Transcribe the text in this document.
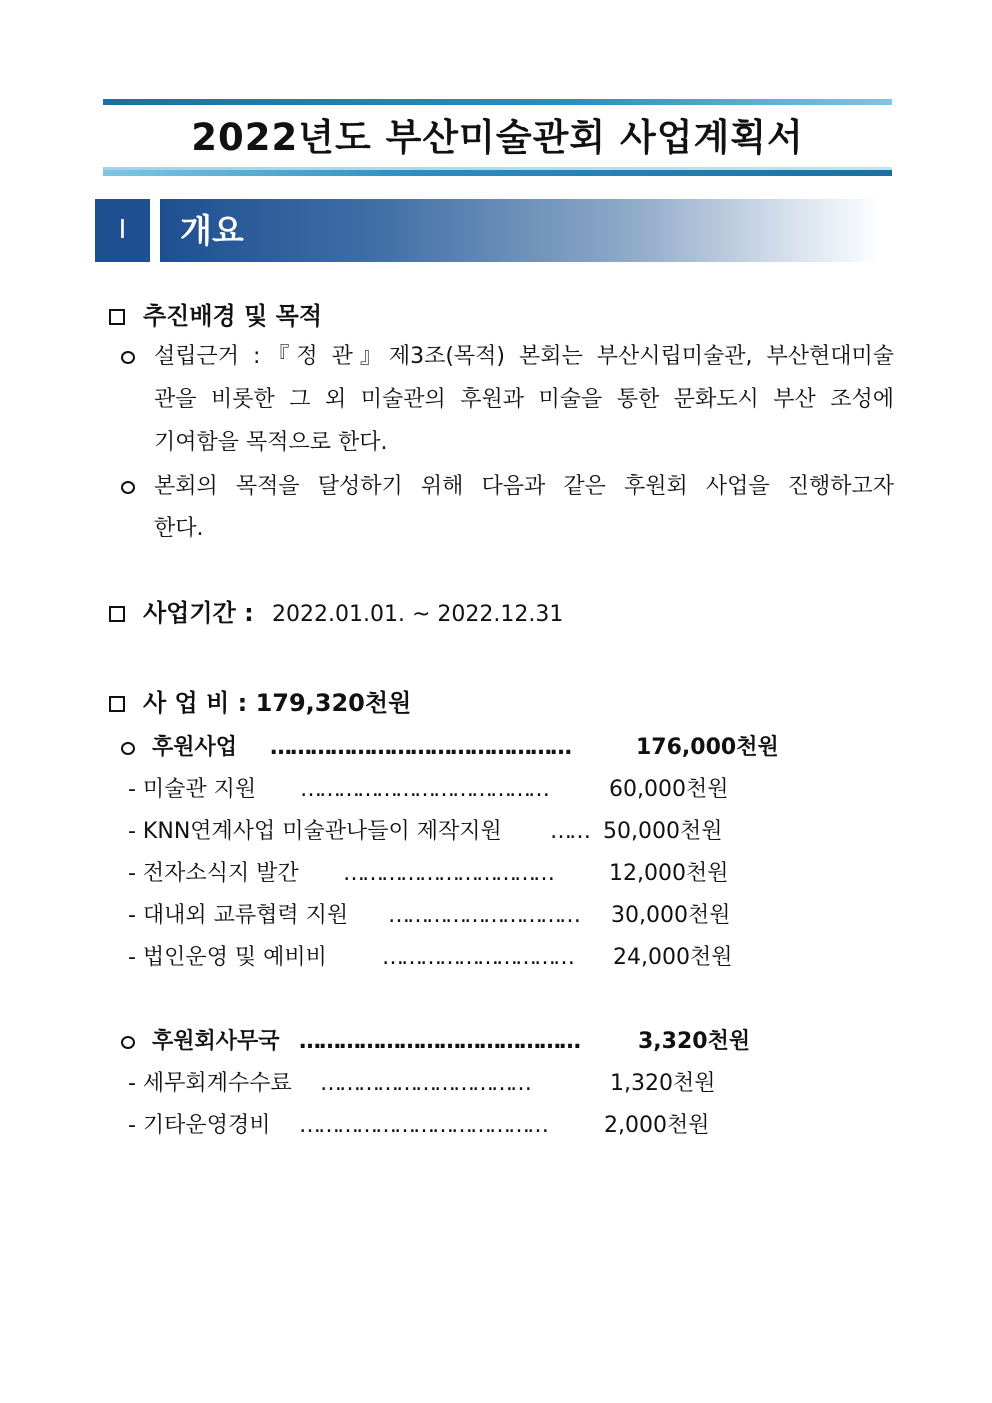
2022년도 부산미술관회 사업계획서
Ⅰ	개요
추진배경 및 목적
설립근거 :『정 관』제3조(목적) 본회는 부산시립미술관, 부산현대미술
관을 비롯한 그 외 미술관의 후원과 미술을 통한 문화도시 부산 조성에
기여함을 목적으로 한다.
본회의 목적을 달성하기 위해 다음과 같은 후원회 사업을 진행하고자
한다.
사업기간 : 2022.01.01. ~ 2022.12.31
사 업 비 : 179,320천원
후원사업 ………………………………………	176,000천원
- 미술관 지원 …………………………………	60,000천원
- KNN연계사업 미술관나들이 제작지원 …… 50,000천원
- 전자소식지 발간 ……………………………	12,000천원
- 대내외 교류협력 지원 ………………………… 30,000천원
- 법인운영 및 예비비	………………………… 24,000천원
후원회사무국 ……………………………………	3,320천원
- 세무회계수수료 ……………………………	1,320천원
- 기타운영경비 …………………………………	2,000천원
